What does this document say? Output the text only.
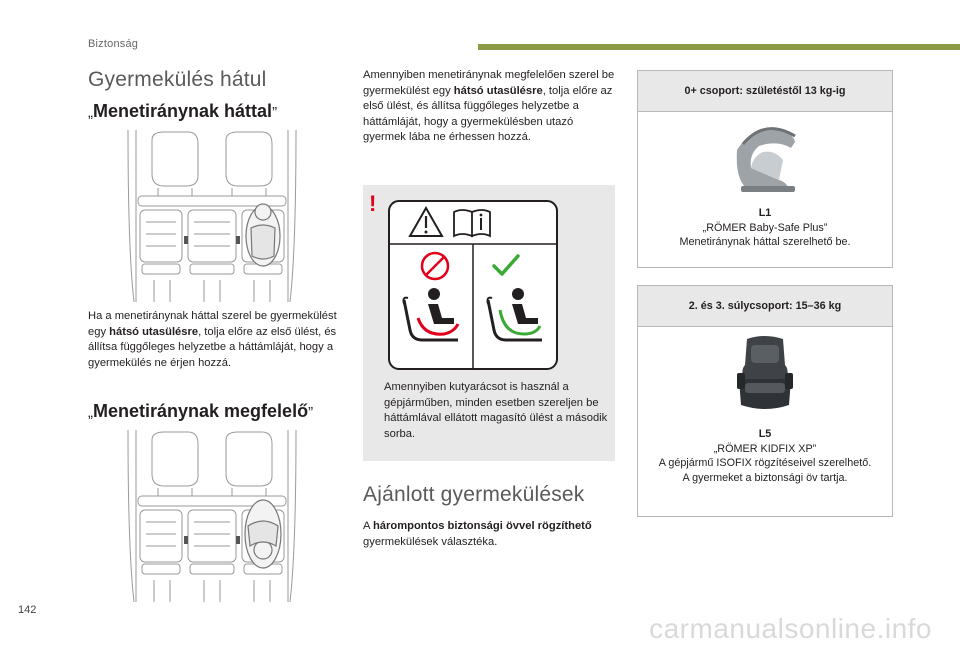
Biztonság
Gyermekülés hátul
„Menetiránynak háttal”
Ha a menetiránynak háttal szerel be gyermekülést egy hátsó utasülésre, tolja előre az első ülést, és állítsa függőleges helyzetbe a háttámláját, hogy a gyermekülés ne érjen hozzá.
„Menetiránynak megfelelő”
Amennyiben menetiránynak megfelelően szerel be gyermekülést egy hátsó utasülésre, tolja előre az első ülést, és állítsa függőleges helyzetbe a háttámláját, hogy a gyermekülésben utazó gyermek lába ne érhessen hozzá.
!
Amennyiben kutyarácsot is használ a gépjárműben, minden esetben szereljen be háttámlával ellátott magasító ülést a második sorba.
Ajánlott gyermekülések
A hárompontos biztonsági övvel rögzíthető gyermekülések választéka.
0+ csoport: születéstől 13 kg-ig
L1
„RÖMER Baby-Safe Plus”
Menetiránynak háttal szerelhető be.
2. és 3. súlycsoport: 15–36 kg
L5
„RÖMER KIDFIX XP”
A gépjármű ISOFIX rögzítéseivel szerelhető.
A gyermeket a biztonsági öv tartja.
142
carmanualsonline.info
